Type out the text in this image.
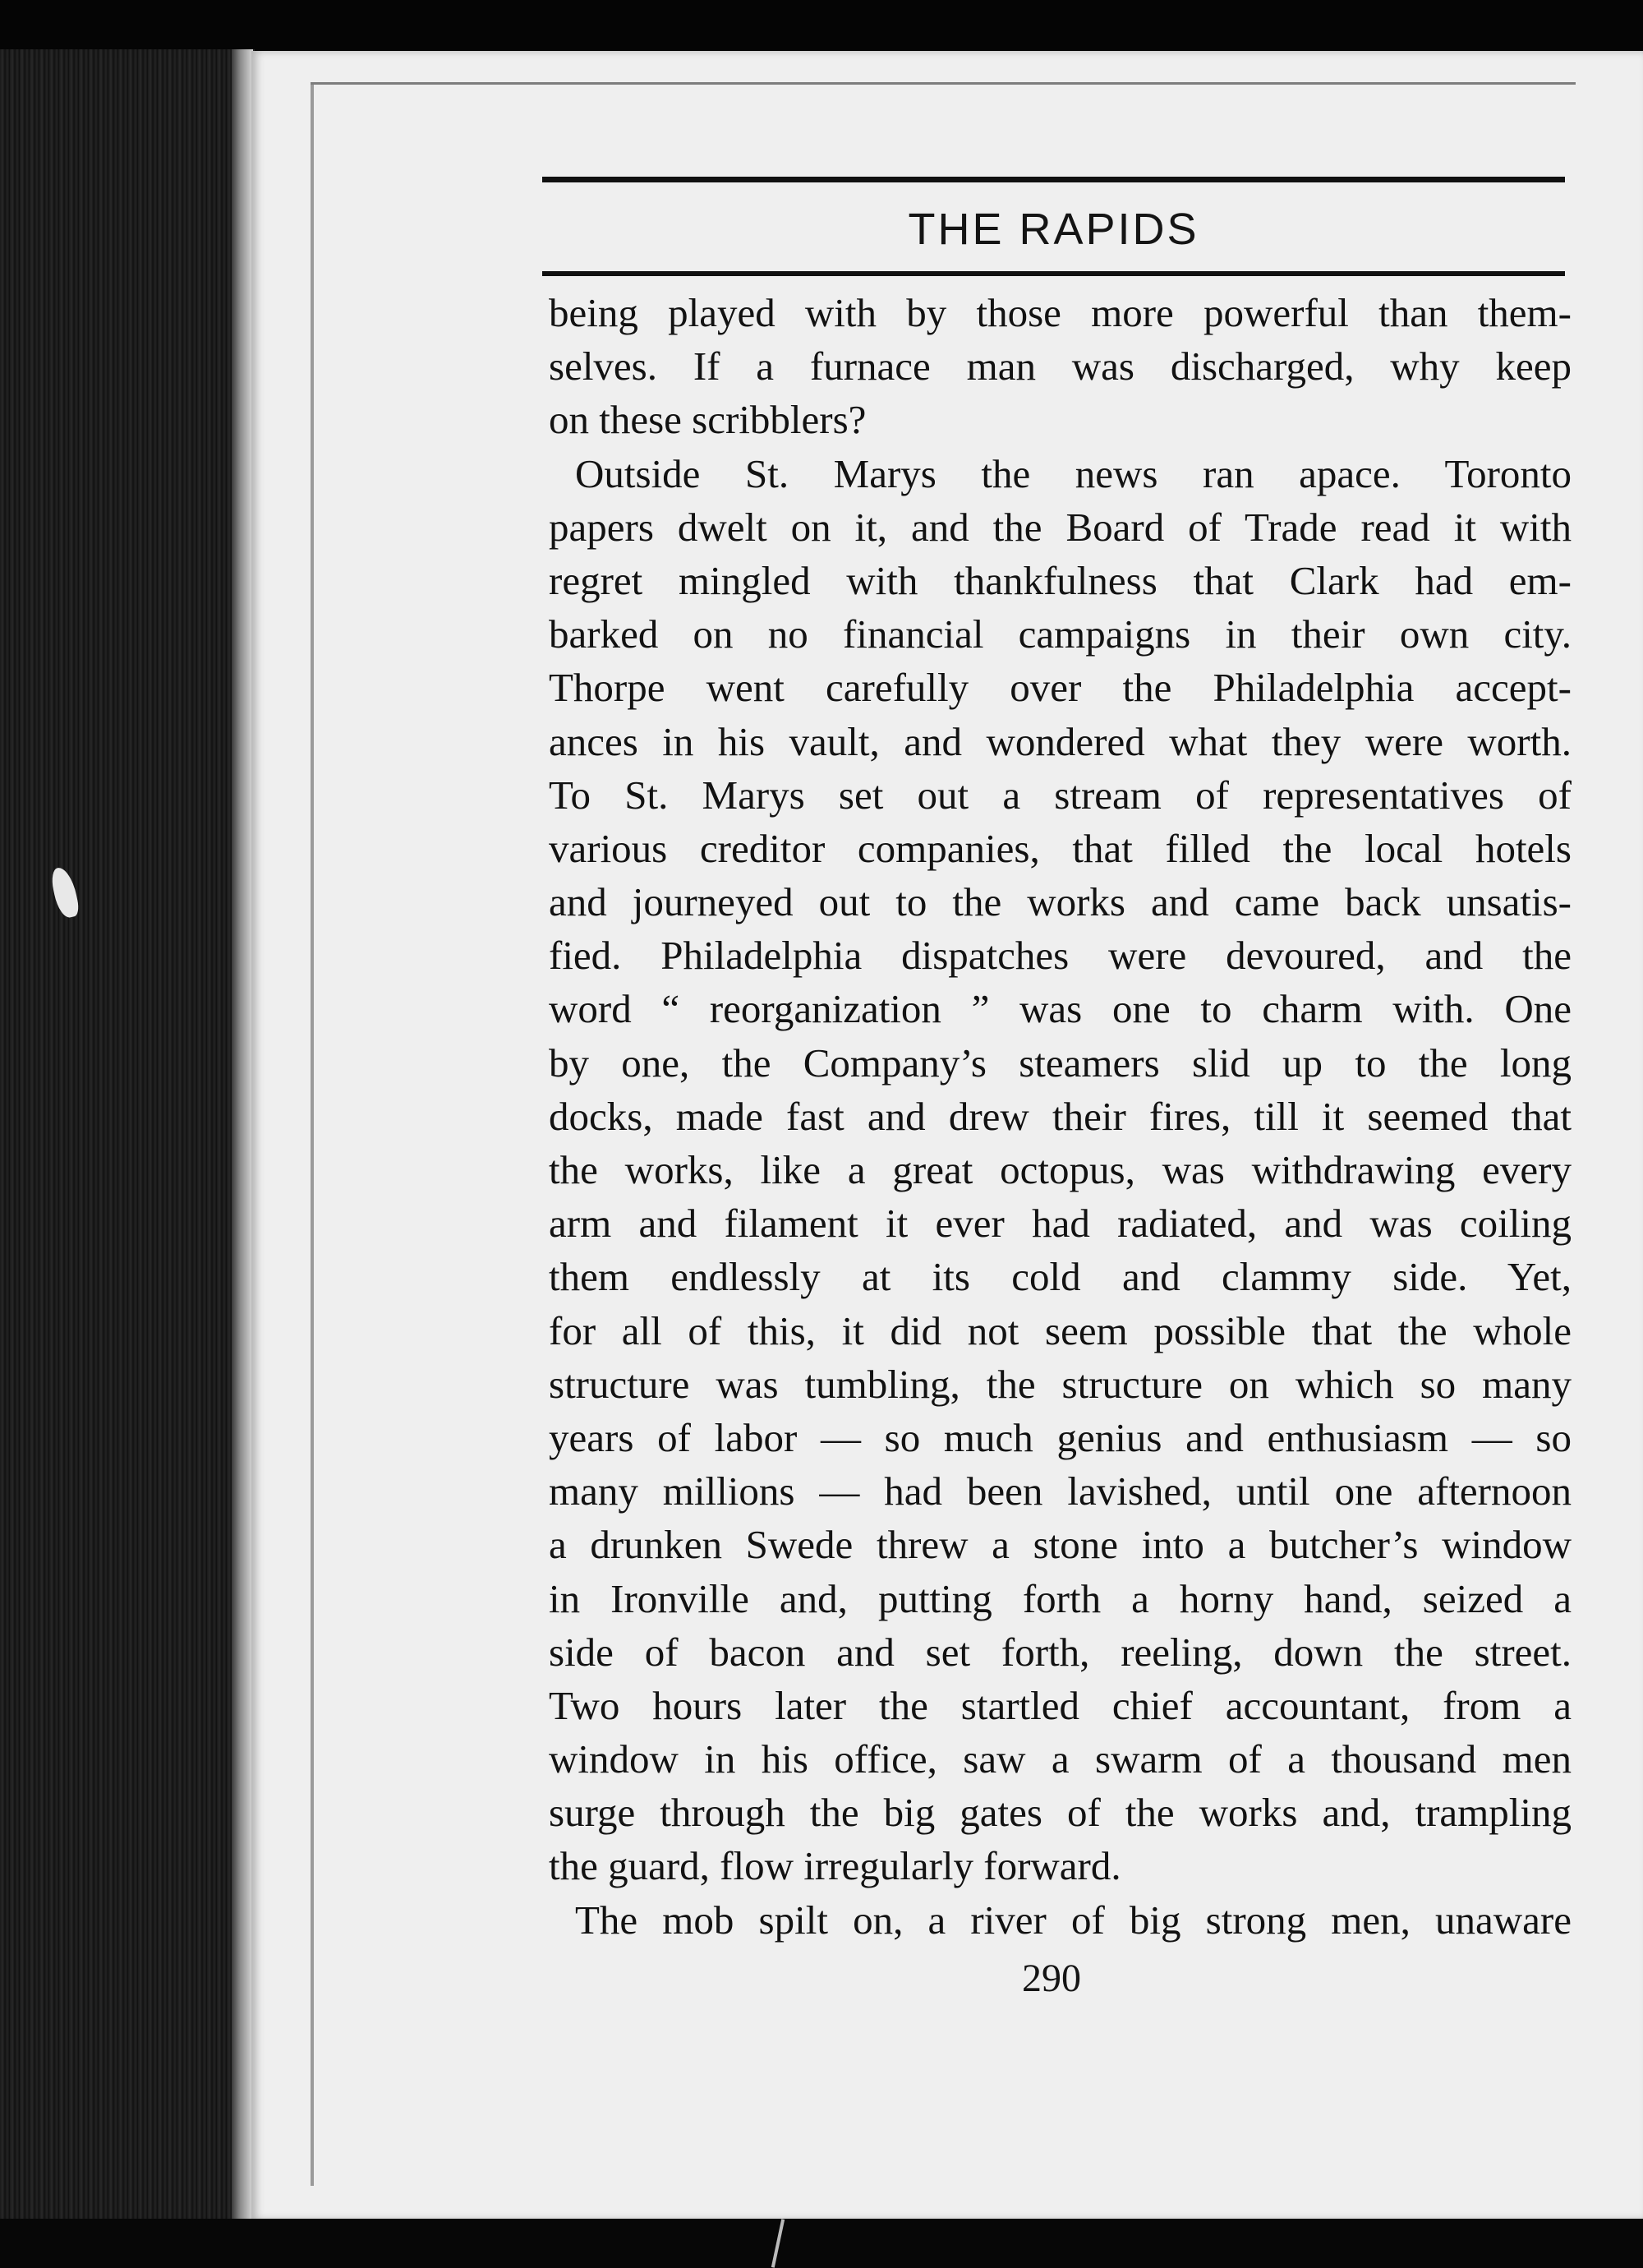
THE RAPIDS
being played with by those more powerful than them-
selves. If a furnace man was discharged, why keep
on these scribblers?
Outside St. Marys the news ran apace. Toronto
papers dwelt on it, and the Board of Trade read it with
regret mingled with thankfulness that Clark had em-
barked on no financial campaigns in their own city.
Thorpe went carefully over the Philadelphia accept-
ances in his vault, and wondered what they were worth.
To St. Marys set out a stream of representatives of
various creditor companies, that filled the local hotels
and journeyed out to the works and came back unsatis-
fied. Philadelphia dispatches were devoured, and the
word “ reorganization ” was one to charm with. One
by one, the Company’s steamers slid up to the long
docks, made fast and drew their fires, till it seemed that
the works, like a great octopus, was withdrawing every
arm and filament it ever had radiated, and was coiling
them endlessly at its cold and clammy side. Yet,
for all of this, it did not seem possible that the whole
structure was tumbling, the structure on which so many
years of labor — so much genius and enthusiasm — so
many millions — had been lavished, until one afternoon
a drunken Swede threw a stone into a butcher’s window
in Ironville and, putting forth a horny hand, seized a
side of bacon and set forth, reeling, down the street.
Two hours later the startled chief accountant, from a
window in his office, saw a swarm of a thousand men
surge through the big gates of the works and, trampling
the guard, flow irregularly forward.
The mob spilt on, a river of big strong men, unaware
290
